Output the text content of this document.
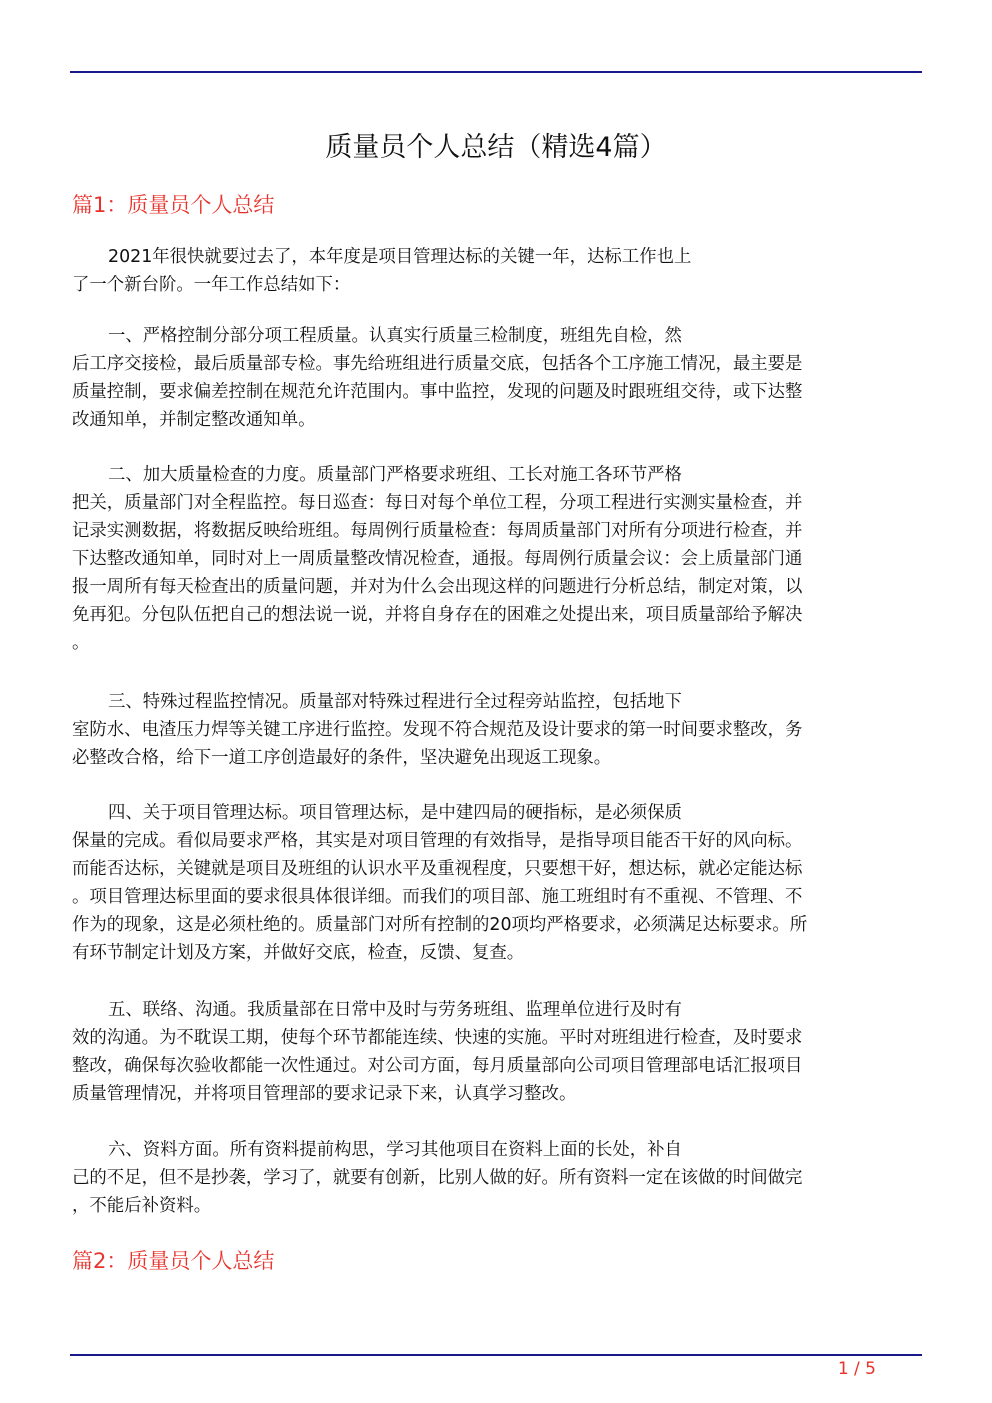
质量员个人总结（精选4篇）
篇1：质量员个人总结
2021年很快就要过去了，本年度是项目管理达标的关键一年，达标工作也上
了一个新台阶。一年工作总结如下：
一、严格控制分部分项工程质量。认真实行质量三检制度，班组先自检，然
后工序交接检，最后质量部专检。事先给班组进行质量交底，包括各个工序施工情况，最主要是
质量控制，要求偏差控制在规范允许范围内。事中监控，发现的问题及时跟班组交待，或下达整
改通知单，并制定整改通知单。
二、加大质量检查的力度。质量部门严格要求班组、工长对施工各环节严格
把关，质量部门对全程监控。每日巡查：每日对每个单位工程，分项工程进行实测实量检查，并
记录实测数据，将数据反映给班组。每周例行质量检查：每周质量部门对所有分项进行检查，并
下达整改通知单，同时对上一周质量整改情况检查，通报。每周例行质量会议：会上质量部门通
报一周所有每天检查出的质量问题，并对为什么会出现这样的问题进行分析总结，制定对策，以
免再犯。分包队伍把自己的想法说一说，并将自身存在的困难之处提出来，项目质量部给予解决
。
三、特殊过程监控情况。质量部对特殊过程进行全过程旁站监控，包括地下
室防水、电渣压力焊等关键工序进行监控。发现不符合规范及设计要求的第一时间要求整改，务
必整改合格，给下一道工序创造最好的条件，坚决避免出现返工现象。
四、关于项目管理达标。项目管理达标，是中建四局的硬指标，是必须保质
保量的完成。看似局要求严格，其实是对项目管理的有效指导，是指导项目能否干好的风向标。
而能否达标，关键就是项目及班组的认识水平及重视程度，只要想干好，想达标，就必定能达标
。项目管理达标里面的要求很具体很详细。而我们的项目部、施工班组时有不重视、不管理、不
作为的现象，这是必须杜绝的。质量部门对所有控制的20项均严格要求，必须满足达标要求。所
有环节制定计划及方案，并做好交底，检查，反馈、复查。
五、联络、沟通。我质量部在日常中及时与劳务班组、监理单位进行及时有
效的沟通。为不耽误工期，使每个环节都能连续、快速的实施。平时对班组进行检查，及时要求
整改，确保每次验收都能一次性通过。对公司方面，每月质量部向公司项目管理部电话汇报项目
质量管理情况，并将项目管理部的要求记录下来，认真学习整改。
六、资料方面。所有资料提前构思，学习其他项目在资料上面的长处，补自
己的不足，但不是抄袭，学习了，就要有创新，比别人做的好。所有资料一定在该做的时间做完
，不能后补资料。
篇2：质量员个人总结
1 / 5
